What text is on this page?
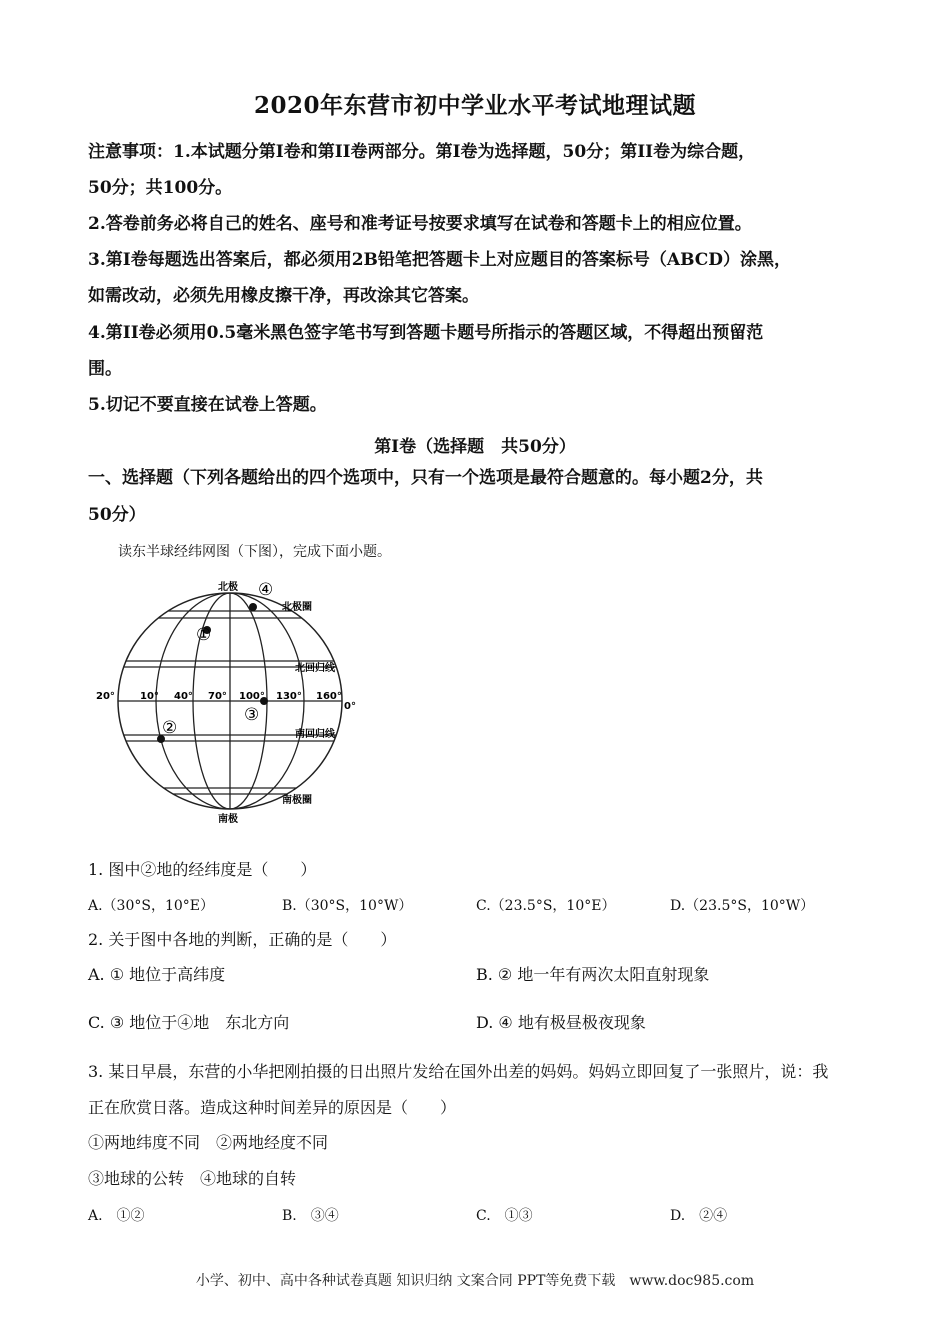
2020年东营市初中学业水平考试地理试题
注意事项：1.本试题分第Ⅰ卷和第II卷两部分。第Ⅰ卷为选择题，50分；第II卷为综合题，
50分；共100分。
2.答卷前务必将自己的姓名、座号和准考证号按要求填写在试卷和答题卡上的相应位置。
3.第Ⅰ卷每题选出答案后，都必须用2B铅笔把答题卡上对应题目的答案标号（ABCD）涂黑，
如需改动，必须先用橡皮擦干净，再改涂其它答案。
4.第II卷必须用0.5毫米黑色签字笔书写到答题卡题号所指示的答题区域，不得超出预留范
围。
5.切记不要直接在试卷上答题。
第Ⅰ卷（选择题　共50分）
一、选择题（下列各题给出的四个选项中，只有一个选项是最符合题意的。每小题2分，共
50分）
读东半球经纬网图（下图），完成下面小题。
①
②
③
④
北极
南极
北极圈
北回归线
南回归线
南极圈
20°	10° 40° 70° 100° 130° 160°
0°
1. 图中②地的经纬度是（　　）
A.（30°S，10°E）	B.（30°S，10°W）	C.（23.5°S，10°E）	D.（23.5°S，10°W）
2. 关于图中各地的判断，正确的是（　　）
A. ① 地位于高纬度	B. ② 地一年有两次太阳直射现象
C. ③ 地位于④地　东北方向	D. ④ 地有极昼极夜现象
3. 某日早晨，东营的小华把刚拍摄的日出照片发给在国外出差的妈妈。妈妈立即回复了一张照片，说：我
正在欣赏日落。造成这种时间差异的原因是（　　）
①两地纬度不同　②两地经度不同
③地球的公转　④地球的自转
A.　①②	B.　③④	C.　①③	D.　②④
小学、初中、高中各种试卷真题 知识归纳 文案合同 PPT等免费下载　www.doc985.com
